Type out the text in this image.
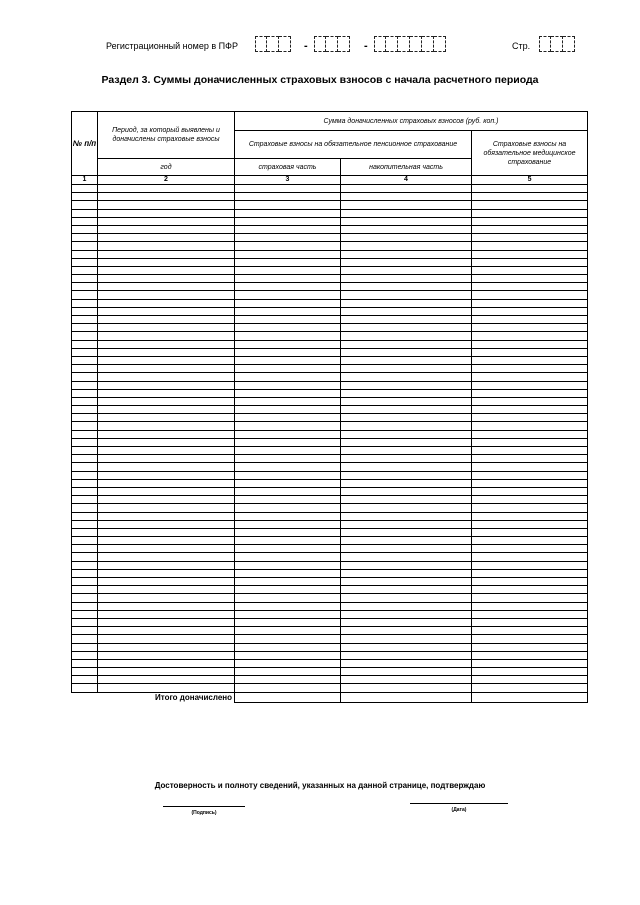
Регистрационный номер в ПФР	-	-	Стр.
Раздел 3. Суммы доначисленных страховых взносов с начала расчетного периода
№ п/п	Период, за который выявлены и доначислены страховые взносы	Сумма доначисленных страховых взносов (руб. коп.)		
		Страховые взносы на обязательное пенсионное страхование		Страховые взносы на обязательное медицинское страхование
	год	страховая часть	накопительная часть	
1	2	3	4	5

Итого доначислено				
Достоверность и полноту сведений, указанных на данной странице, подтверждаю
(Подпись)	(Дата)
